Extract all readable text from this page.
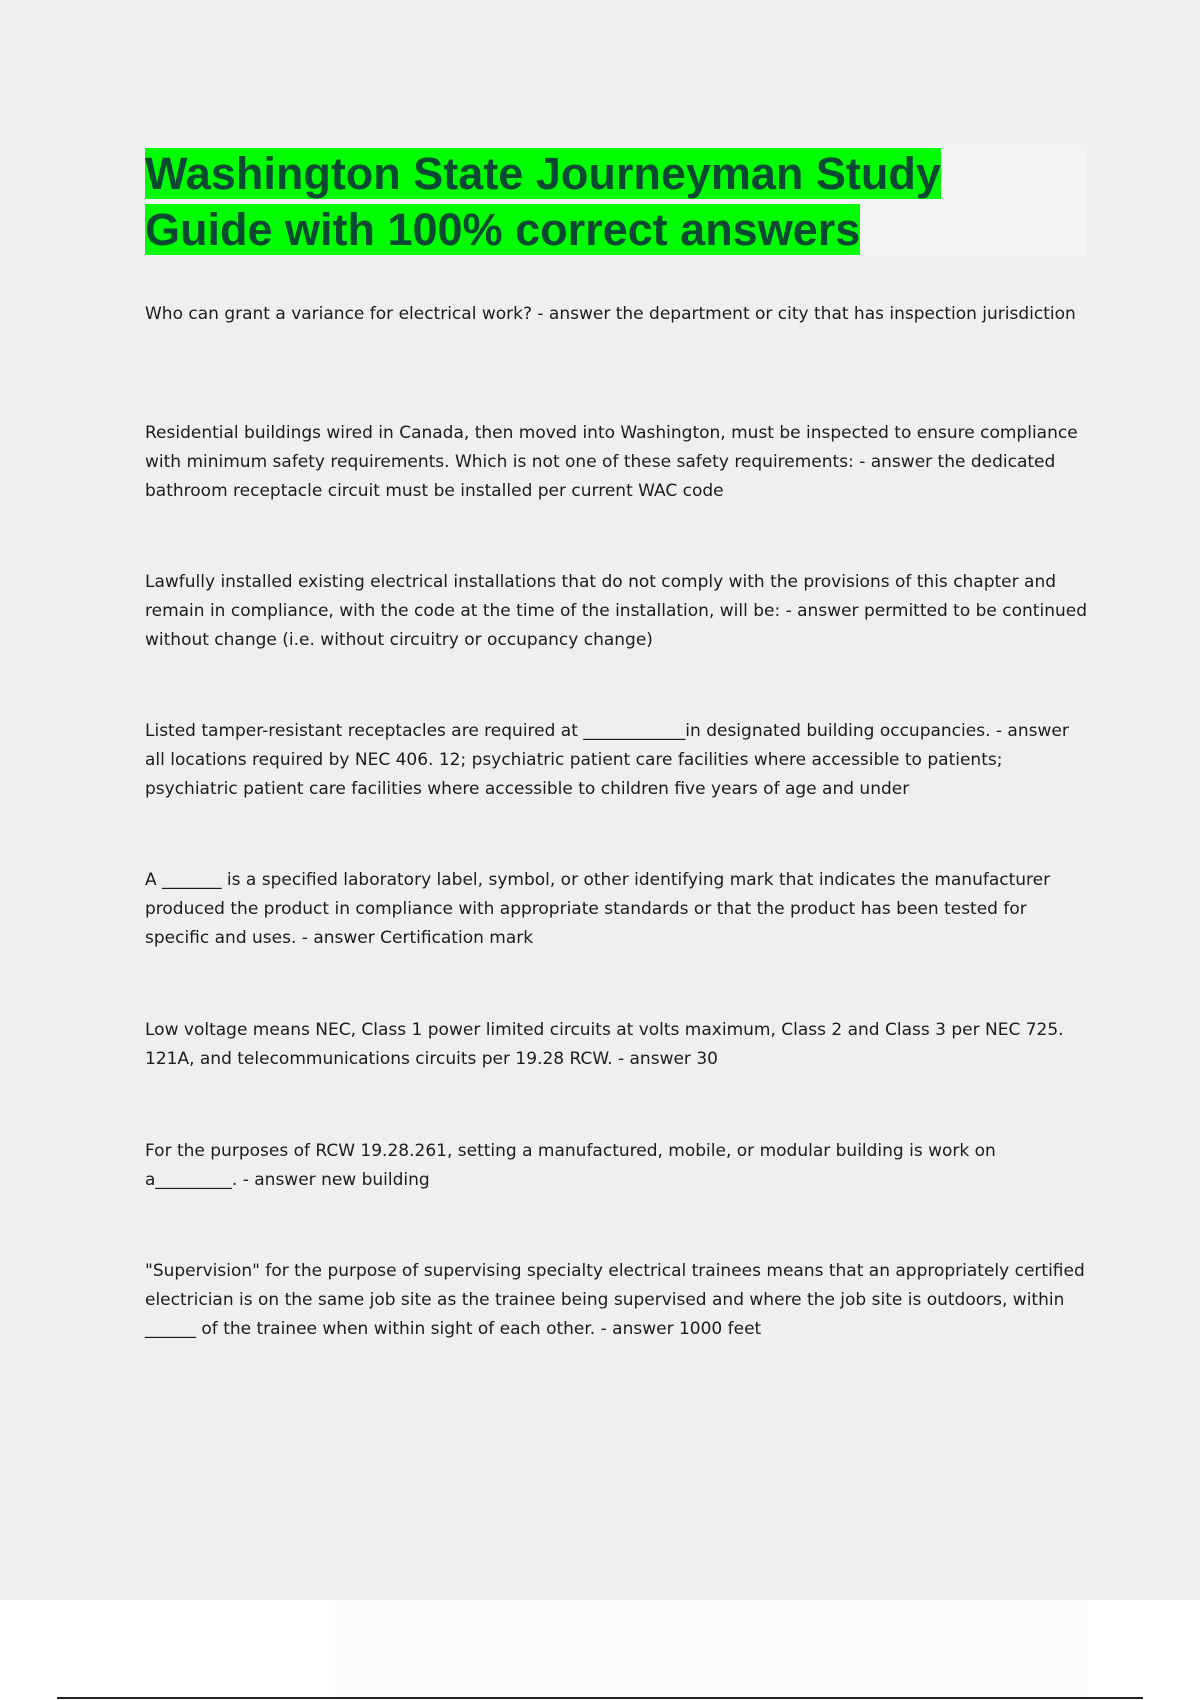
Washington State Journeyman Study Guide with 100% correct answers

Who can grant a variance for electrical work? - answer the department or city that has inspection jurisdiction

Residential buildings wired in Canada, then moved into Washington, must be inspected to ensure compliance with minimum safety requirements. Which is not one of these safety requirements: - answer the dedicated bathroom receptacle circuit must be installed per current WAC code

Lawfully installed existing electrical installations that do not comply with the provisions of this chapter and remain in compliance, with the code at the time of the installation, will be: - answer permitted to be continued without change (i.e. without circuitry or occupancy change)

Listed tamper-resistant receptacles are required at ____________in designated building occupancies. - answer all locations required by NEC 406. 12; psychiatric patient care facilities where accessible to patients; psychiatric patient care facilities where accessible to children five years of age and under

A _______ is a specified laboratory label, symbol, or other identifying mark that indicates the manufacturer produced the product in compliance with appropriate standards or that the product has been tested for specific and uses. - answer Certification mark

Low voltage means NEC, Class 1 power limited circuits at volts maximum, Class 2 and Class 3 per NEC 725. 121A, and telecommunications circuits per 19.28 RCW. - answer 30

For the purposes of RCW 19.28.261, setting a manufactured, mobile, or modular building is work on a_________. - answer new building

"Supervision" for the purpose of supervising specialty electrical trainees means that an appropriately certified electrician is on the same job site as the trainee being supervised and where the job site is outdoors, within ______ of the trainee when within sight of each other. - answer 1000 feet
